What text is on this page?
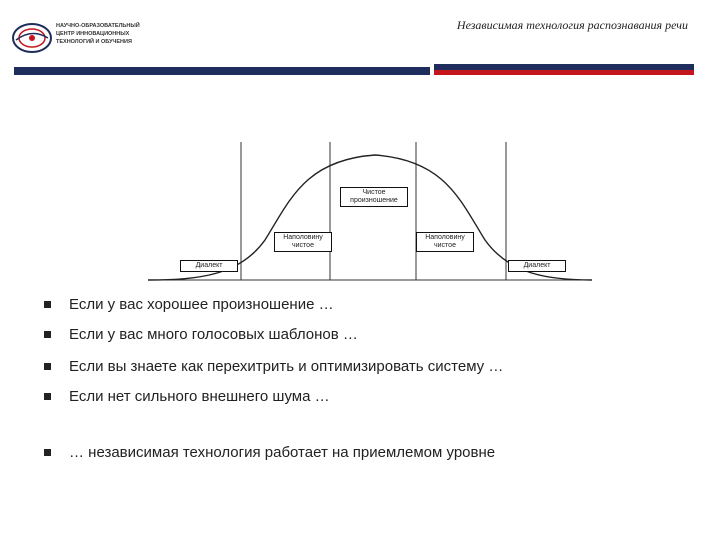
НАУЧНО-ОБРАЗОВАТЕЛЬНЫЙ
ЦЕНТР ИННОВАЦИОННЫХ
ТЕХНОЛОГИЙ И ОБУЧЕНИЯ
Независимая технология распознавания речи
Диалект
Наполовину
чистое
Чистое
произношение
Наполовину
чистое
Диалект
Если у вас хорошее произношение …
Если у вас много голосовых шаблонов …
Если вы знаете как перехитрить и оптимизировать систему …
Если нет сильного внешнего шума …
… независимая технология работает на приемлемом уровне
